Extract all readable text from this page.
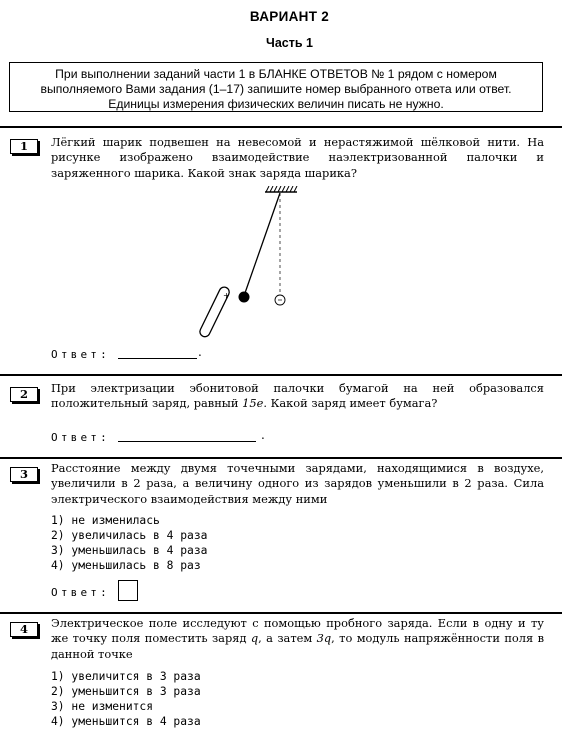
ВАРИАНТ 2
Часть 1
При выполнении заданий части 1 в БЛАНКЕ ОТВЕТОВ № 1 рядом с номером выполняемого Вами задания (1–17) запишите номер выбранного ответа или ответ. Единицы измерения физических величин писать не нужно.
1	Лёгкий шарик подвешен на невесомой и нерастяжимой шёлковой нити. На рисунке изображено взаимодействие наэлектризованной палочки и заряженного шарика. Какой знак заряда шарика?
+
Ответ:	.
2	При электризации эбонитовой палочки бумагой на ней образовался положительный заряд, равный 15e. Какой заряд имеет бумага?
Ответ:	.
3	Расстояние между двумя точечными зарядами, находящимися в воздухе, увеличили в 2 раза, а величину одного из зарядов уменьшили в 2 раза. Сила электрического взаимодействия между ними
1) не изменилась
2) увеличилась в 4 раза
3) уменьшилась в 4 раза
4) уменьшилась в 8 раз
Ответ:
4	Электрическое поле исследуют с помощью пробного заряда. Если в одну и ту же точку поля поместить заряд q, а затем 3q, то модуль напряжённости поля в данной точке
1) увеличится в 3 раза
2) уменьшится в 3 раза
3) не изменится
4) уменьшится в 4 раза
